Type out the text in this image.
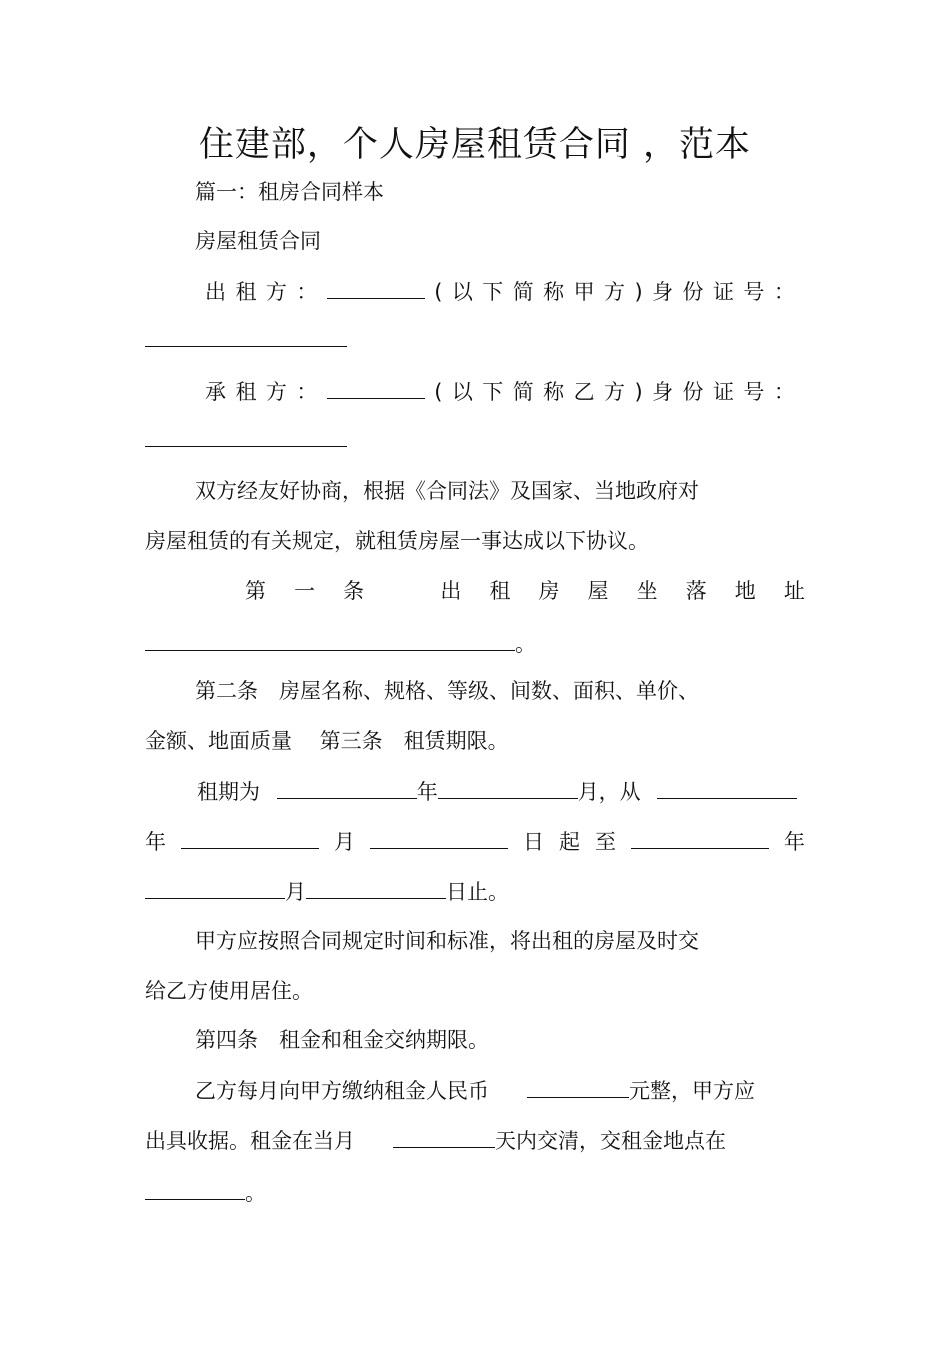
住建部，个人房屋租赁合同 ，范本
篇一：租房合同样本
房屋租赁合同
出 租 方 ：	( 以 下 简 称 甲 方 ) 身 份 证 号 ：
承 租 方 ：	( 以 下 简 称 乙 方 ) 身 份 证 号 ：
双方经友好协商，根据《合同法》及国家、当地政府对
房屋租赁的有关规定，就租赁房屋一事达成以下协议。
第 一 条	出 租 房 屋 坐 落 地 址
。
第二条　房屋名称、规格、等级、间数、面积、单价、
金额、地面质量　 第三条　租赁期限。
租期为	年	月，从
年	月	日 起 至	年
月	日止。
甲方应按照合同规定时间和标准，将出租的房屋及时交
给乙方使用居住。
第四条　租金和租金交纳期限。
乙方每月向甲方缴纳租金人民币	元整，甲方应
出具收据。租金在当月	天内交清，交租金地点在
。
